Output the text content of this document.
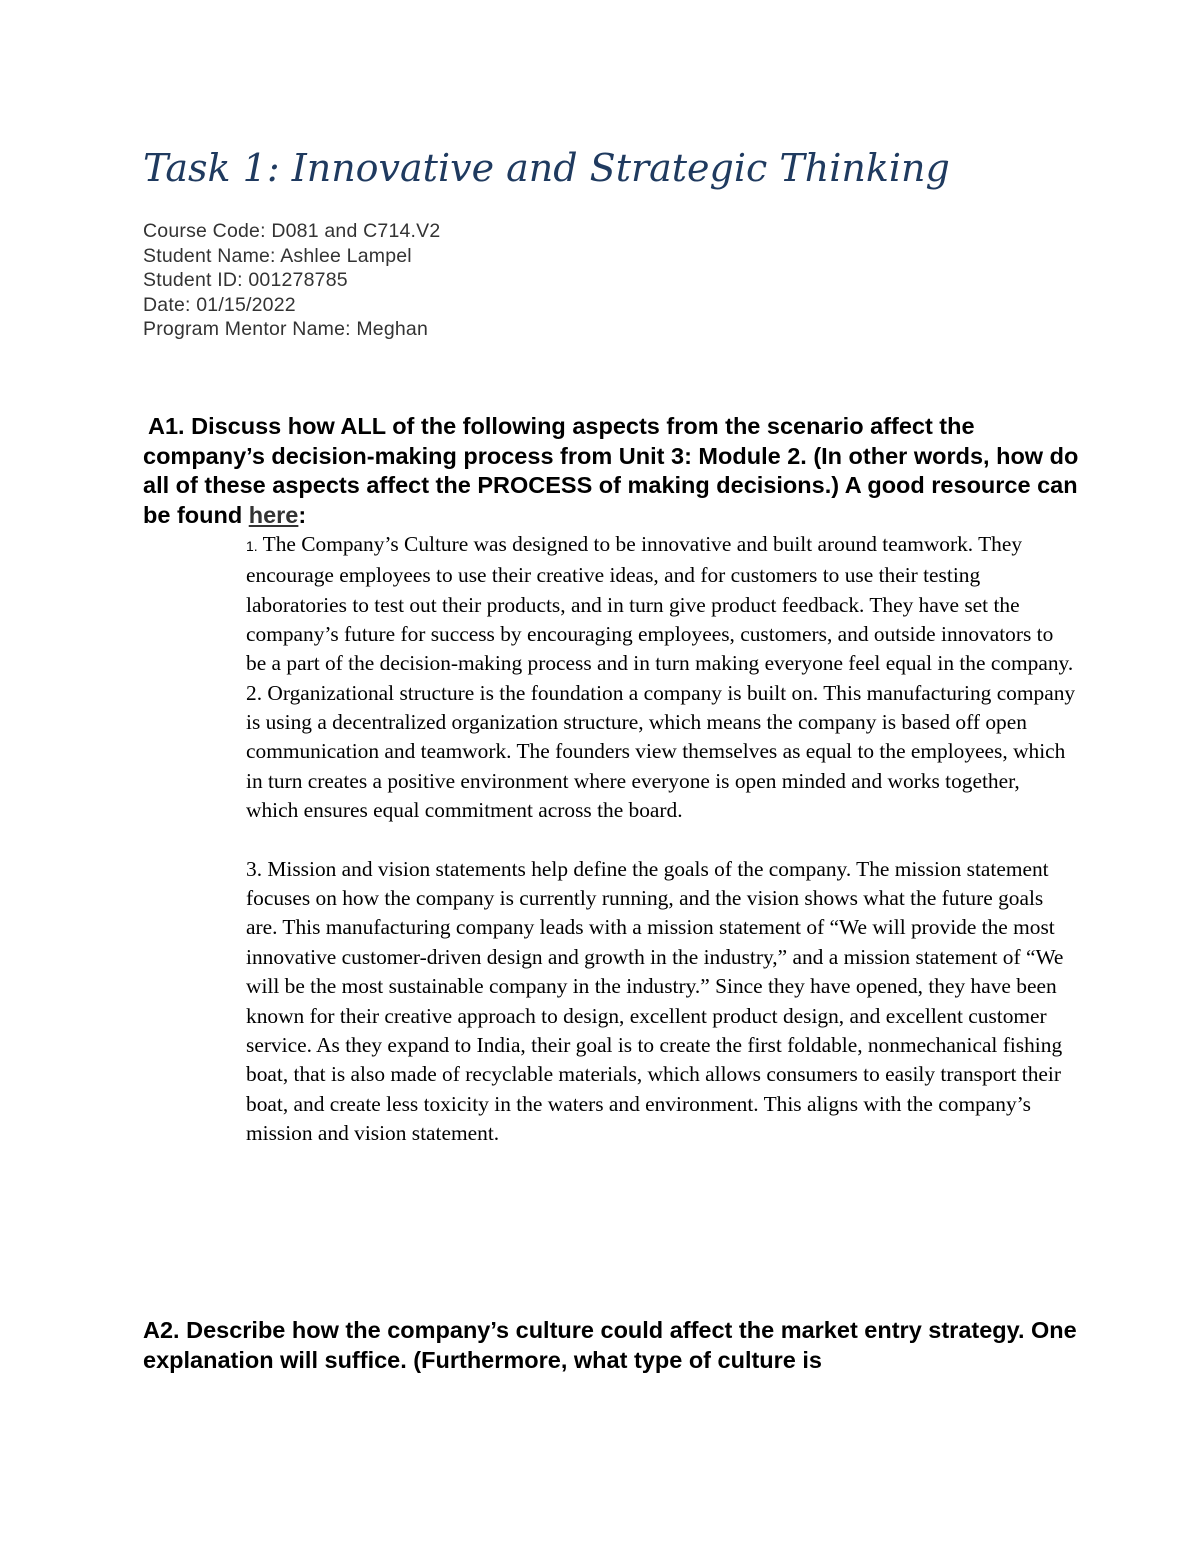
Task 1: Innovative and Strategic Thinking
Course Code: D081 and C714.V2
Student Name: Ashlee Lampel
Student ID: 001278785
Date: 01/15/2022
Program Mentor Name: Meghan

A1. Discuss how ALL of the following aspects from the scenario affect the company’s decision-making process from Unit 3: Module 2. (In other words, how do all of these aspects affect the PROCESS of making decisions.) A good resource can be found here:

1. The Company’s Culture was designed to be innovative and built around teamwork. They encourage employees to use their creative ideas, and for customers to use their testing laboratories to test out their products, and in turn give product feedback. They have set the company’s future for success by encouraging employees, customers, and outside innovators to be a part of the decision-making process and in turn making everyone feel equal in the company.

2. Organizational structure is the foundation a company is built on. This manufacturing company is using a decentralized organization structure, which means the company is based off open communication and teamwork. The founders view themselves as equal to the employees, which in turn creates a positive environment where everyone is open minded and works together, which ensures equal commitment across the board.

3. Mission and vision statements help define the goals of the company. The mission statement focuses on how the company is currently running, and the vision shows what the future goals are. This manufacturing company leads with a mission statement of “We will provide the most innovative customer-driven design and growth in the industry,” and a mission statement of “We will be the most sustainable company in the industry.” Since they have opened, they have been known for their creative approach to design, excellent product design, and excellent customer service. As they expand to India, their goal is to create the first foldable, nonmechanical fishing boat, that is also made of recyclable materials, which allows consumers to easily transport their boat, and create less toxicity in the waters and environment. This aligns with the company’s mission and vision statement.

A2. Describe how the company’s culture could affect the market entry strategy. One explanation will suffice. (Furthermore, what type of culture is
